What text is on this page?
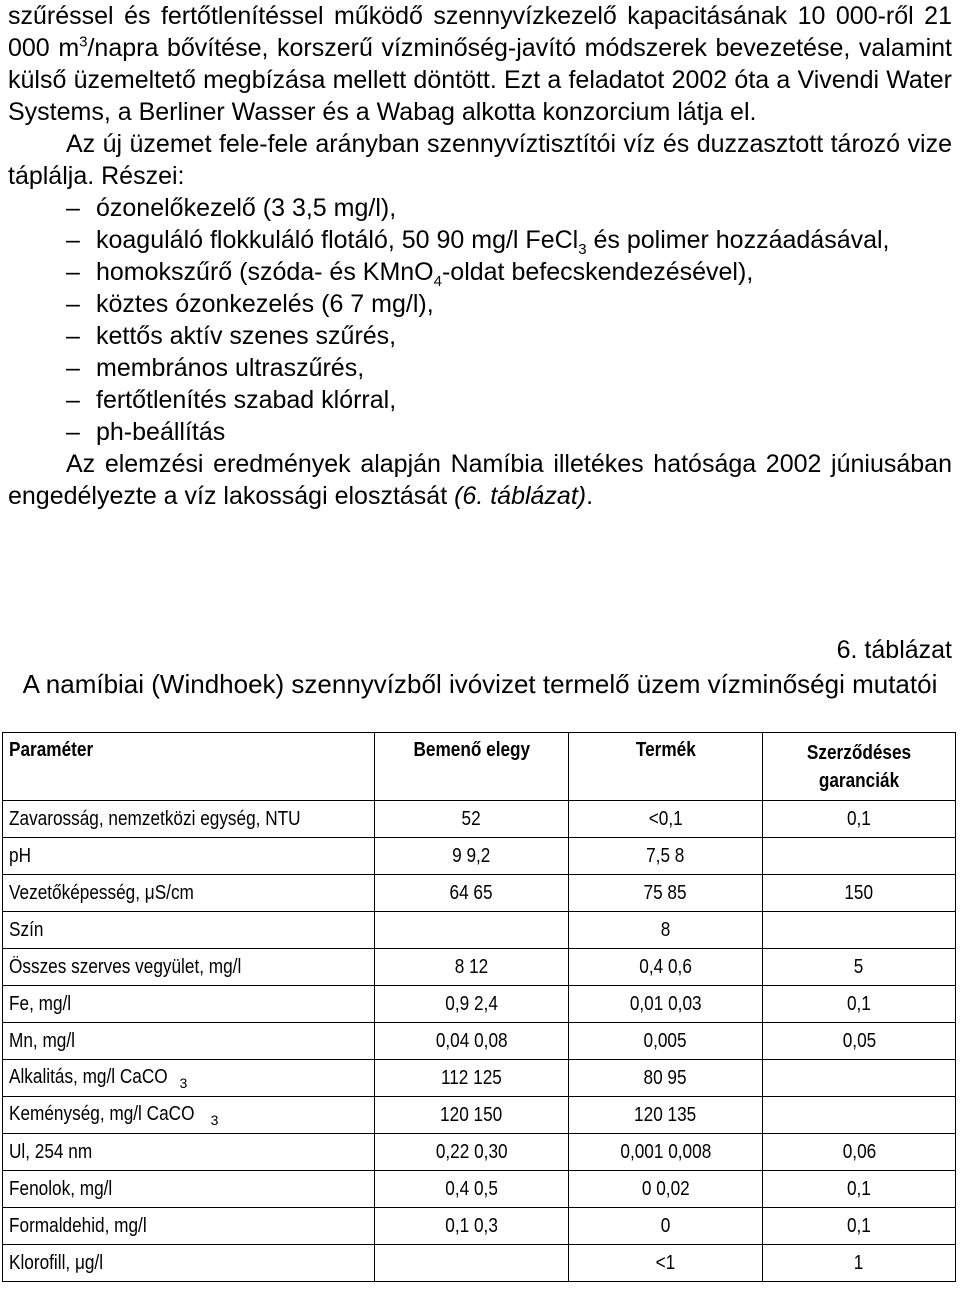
szűréssel és fertőtlenítéssel működő szennyvízkezelő kapacitásának 10 000-ről 21 000 $m^3$/napra bővítése, korszerű vízminőség-javító módszerek bevezetése, valamint külső üzemeltető megbízása mellett döntött. Ezt a feladatot 2002 óta a Vivendi Water Systems, a Berliner Wasser és a Wabag alkotta konzorcium látja el.

Az új üzemet fele-fele arányban szennyvíztisztítói víz és duzzasztott tározó vize táplálja. Részei:

– ózonelőkezelő (3 3,5 mg/l),
– koaguláló flokkuláló flotáló, 50 90 mg/l FeCl$_3$ és polimer hozzáadásával,
– homokszűrő (szóda- és KMnO$_4$-oldat befecskendezésével),
– köztes ózonkezelés (6 7 mg/l),
– kettős aktív szenes szűrés,
– membrános ultraszűrés,
– fertőtlenítés szabad klórral,
– ph-beállítás

Az elemzési eredmények alapján Namíbia illetékes hatósága 2002 júniusában engedélyezte a víz lakossági elosztását (6. táblázat).

6. táblázat

A namíbiai (Windhoek) szennyvízből ivóvizet termelő üzem vízminőségi mutatói
Paraméter	Bemenő elegy	Termék	Szerződéses garanciák
Zavarosság, nemzetközi egység, NTU	52	<0,1	0,1
pH	9 9,2	7,5 8	
Vezetőképesség, μS/cm	64 65	75 85	150
Szín		8	
Összes szerves vegyület, mg/l	8 12	0,4 0,6	5
Fe, mg/l	0,9 2,4	0,01 0,03	0,1
Mn, mg/l	0,04 0,08	0,005	0,05
Alkalitás, mg/l CaCO $_3$	112 125	80 95	
Keménység, mg/l CaCO $_3$	120 150	120 135	
Ul, 254 nm	0,22 0,30	0,001 0,008	0,06
Fenolok, mg/l	0,4 0,5	0 0,02	0,1
Formaldehid, mg/l	0,1 0,3	0	0,1
Klorofill, μg/l		<1	1
